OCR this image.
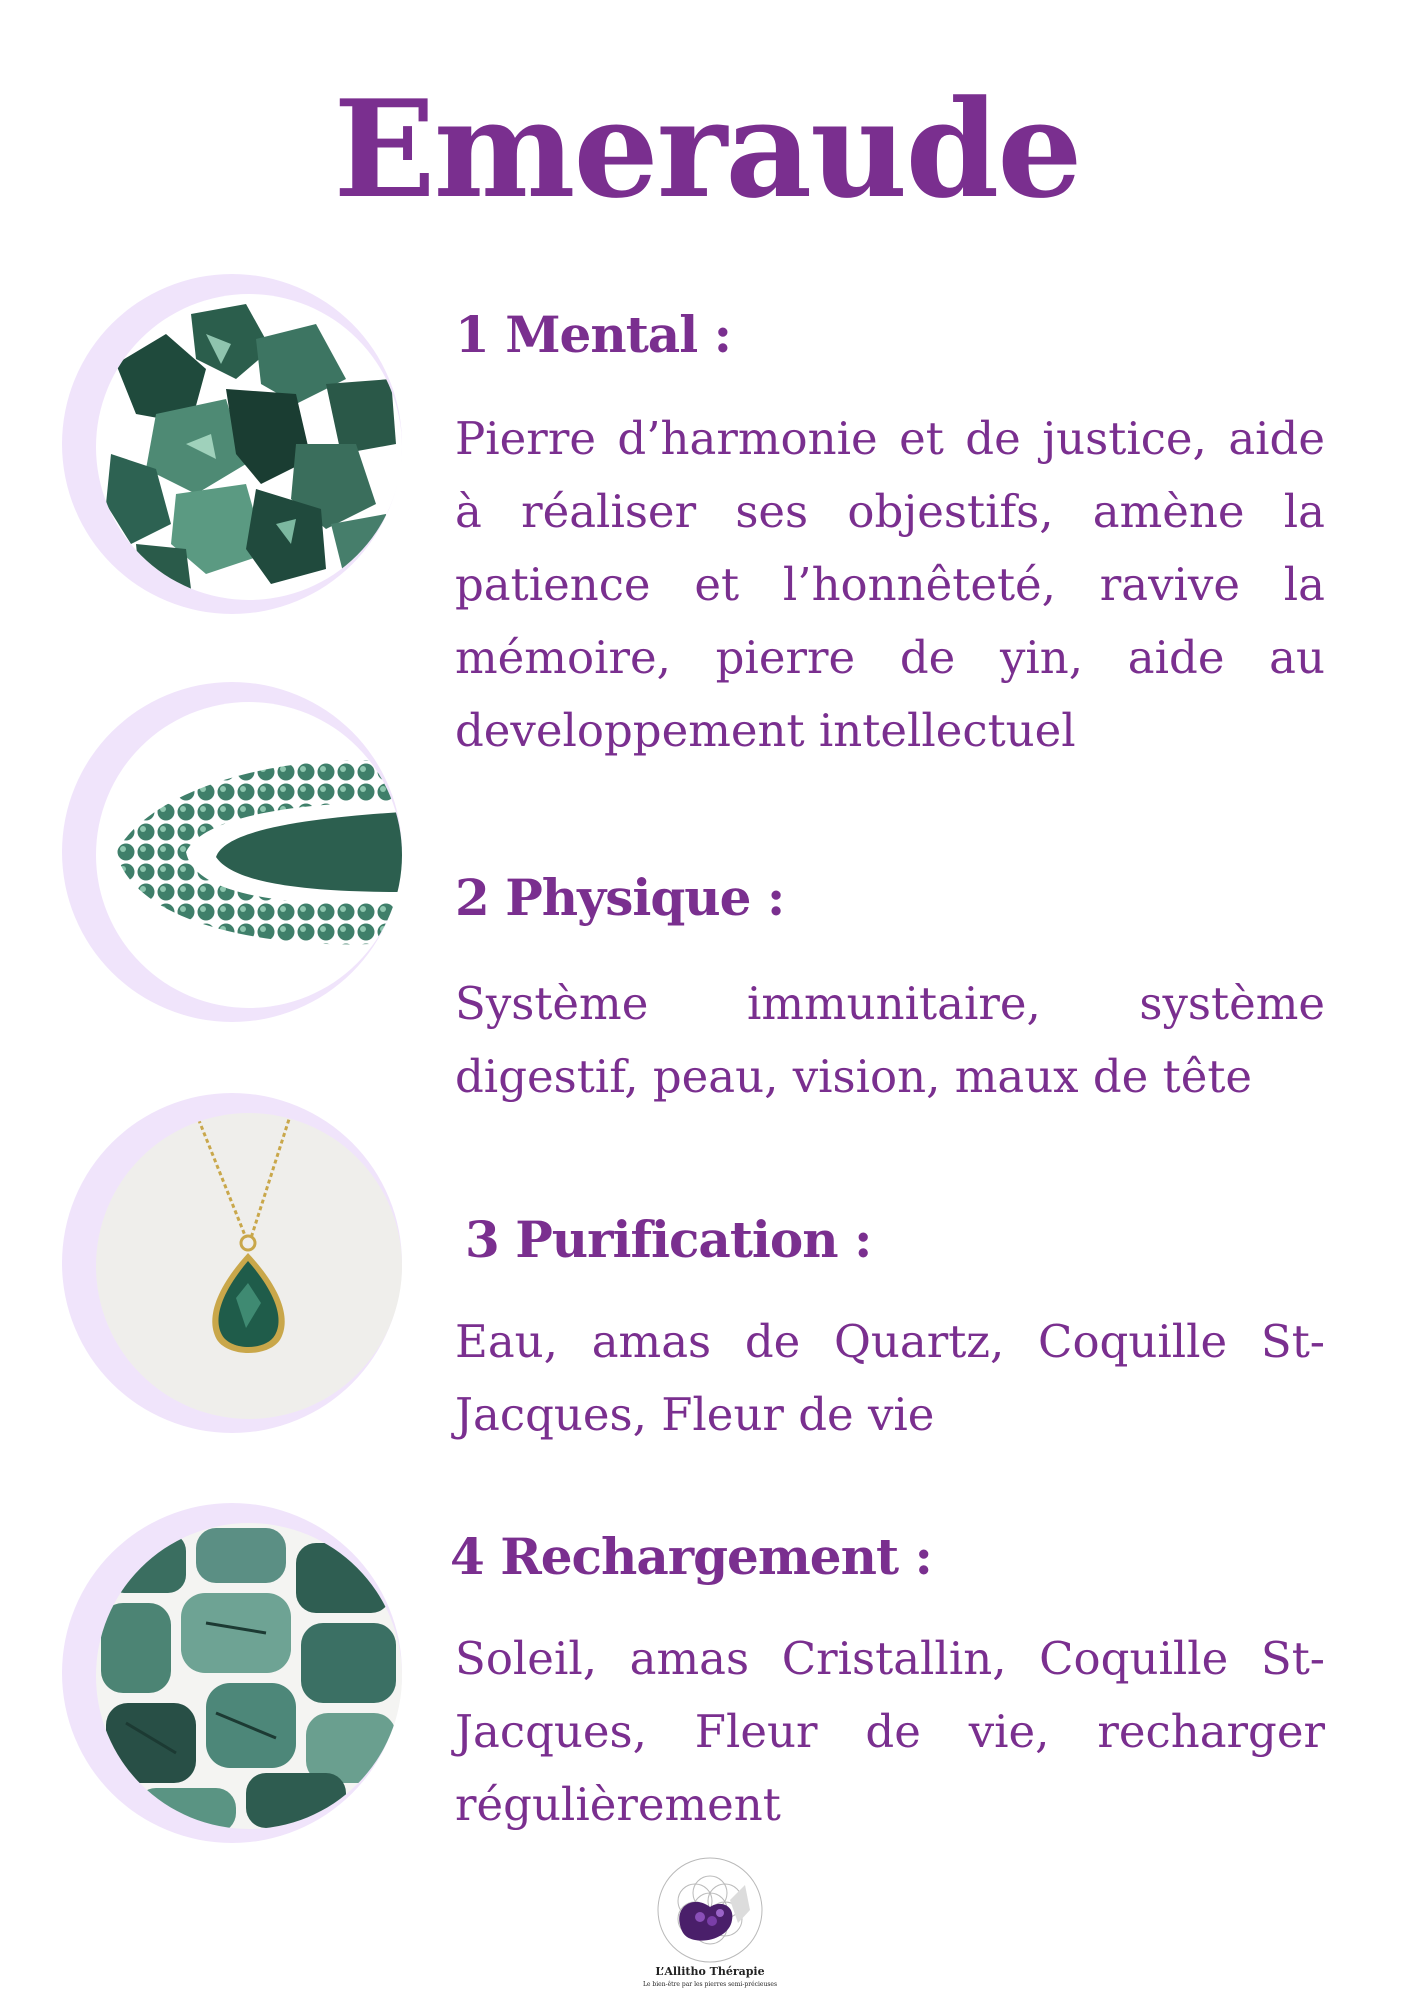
Emeraude
1 Mental :

Pierre d’harmonie et de justice, aide à réaliser ses objestifs, amène la patience et l’honnêteté, ravive la mémoire, pierre de yin, aide au developpement intellectuel

2 Physique :

Système immunitaire, système digestif, peau, vision, maux de tête

3 Purification :

Eau, amas de Quartz, Coquille St-Jacques, Fleur de vie

4 Rechargement :

Soleil, amas Cristallin, Coquille St-Jacques, Fleur de vie, recharger régulièrement

L’Allitho Thérapie
Le bien-être par les pierres semi-précieuses
